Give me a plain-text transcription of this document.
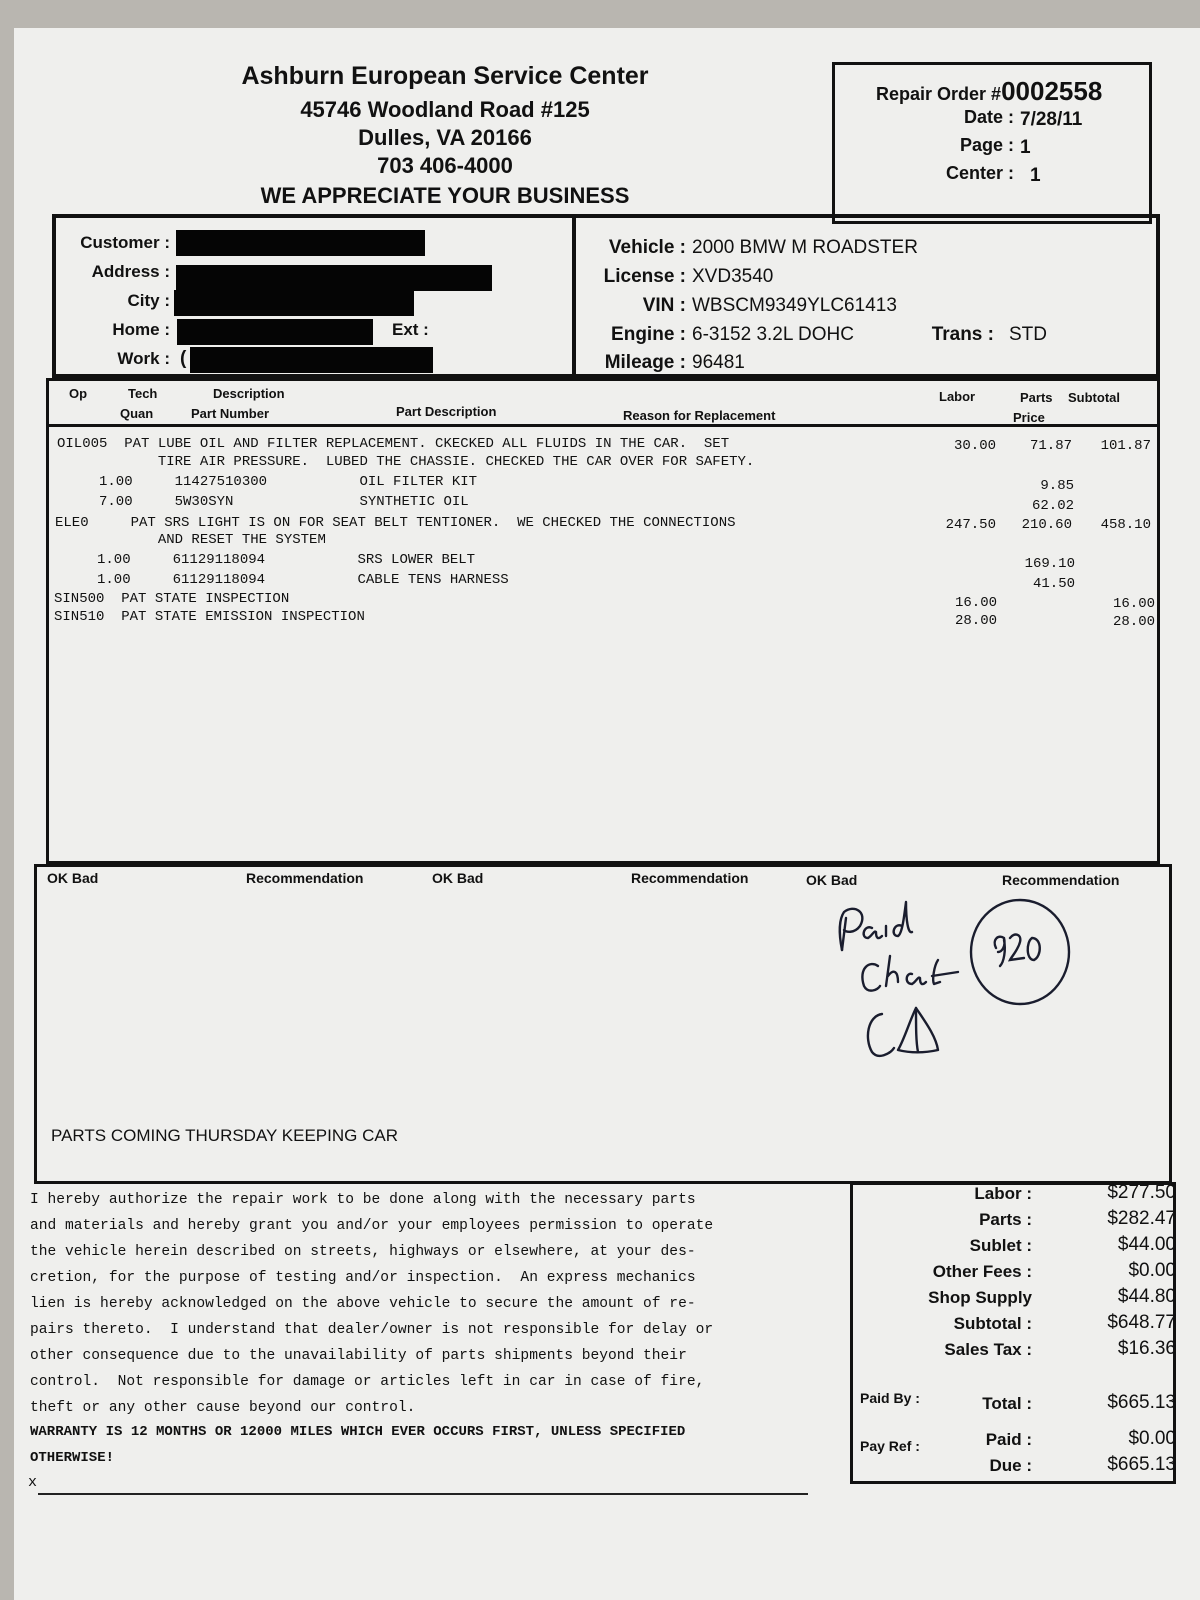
Ashburn European Service Center
45746 Woodland Road #125
Dulles, VA 20166
703 406-4000
WE APPRECIATE YOUR BUSINESS
Repair Order #0002558
Date : 7/28/11
Page : 1
Center : 1
Customer :
Address :
City :
Home :	Ext :
Work : (
Vehicle : 2000 BMW M ROADSTER
License : XVD3540
VIN : WBSCM9349YLC61413
Engine : 6-3152 3.2L DOHC	Trans : STD
Mileage : 96481
Op	Tech	Description
Quan	Part Number	Part Description	Reason for Replacement
Labor	Parts
Price
Subtotal
OIL005  PAT LUBE OIL AND FILTER REPLACEMENT. CKECKED ALL FLUIDS IN THE CAR.  SET	30.00	71.87	101.87
TIRE AIR PRESSURE.  LUBED THE CHASSIE. CHECKED THE CAR OVER FOR SAFETY.
1.00     11427510300           OIL FILTER KIT	9.85
7.00     5W30SYN               SYNTHETIC OIL	62.02
ELE0     PAT SRS LIGHT IS ON FOR SEAT BELT TENTIONER.  WE CHECKED THE CONNECTIONS	247.50	210.60	458.10
AND RESET THE SYSTEM
1.00     61129118094           SRS LOWER BELT	169.10
1.00     61129118094           CABLE TENS HARNESS	41.50
SIN500  PAT STATE INSPECTION	16.00	16.00
SIN510  PAT STATE EMISSION INSPECTION	28.00	28.00
OK Bad	Recommendation	OK Bad	Recommendation	OK Bad	Recommendation
PARTS COMING THURSDAY KEEPING CAR
I hereby authorize the repair work to be done along with the necessary parts
and materials and hereby grant you and/or your employees permission to operate
the vehicle herein described on streets, highways or elsewhere, at your des-
cretion, for the purpose of testing and/or inspection.  An express mechanics
lien is hereby acknowledged on the above vehicle to secure the amount of re-
pairs thereto.  I understand that dealer/owner is not responsible for delay or
other consequence due to the unavailability of parts shipments beyond their
control.  Not responsible for damage or articles left in car in case of fire,
theft or any other cause beyond our control.
WARRANTY IS 12 MONTHS OR 12000 MILES WHICH EVER OCCURS FIRST, UNLESS SPECIFIED
OTHERWISE!
x
Labor :	$277.50
Parts :	$282.47
Sublet :	$44.00
Other Fees :	$0.00
Shop Supply	$44.80
Subtotal :	$648.77
Sales Tax :	$16.36
Paid By :	Total :	$665.13
Pay Ref :	Paid :	$0.00
Due :	$665.13
